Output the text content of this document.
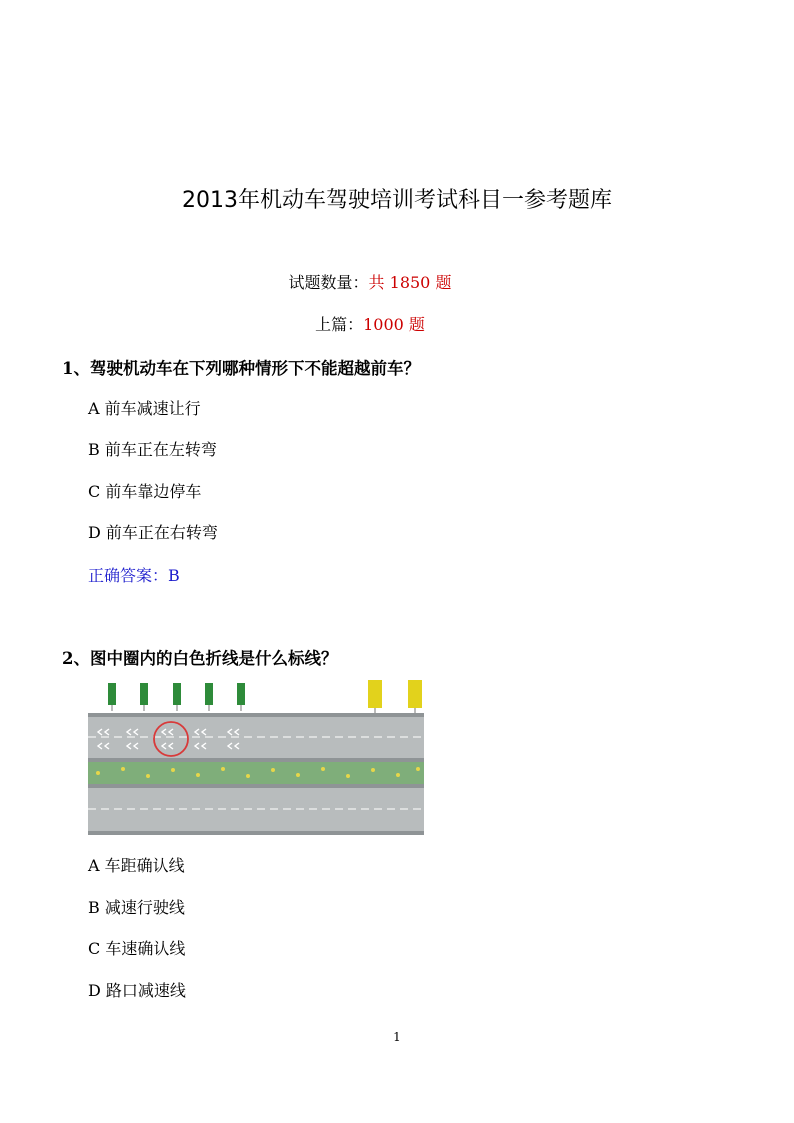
2013年机动车驾驶培训考试科目一参考题库
试题数量：共 1850 题
上篇：1000 题
1、驾驶机动车在下列哪种情形下不能超越前车？
A 前车减速让行
B 前车正在左转弯
C 前车靠边停车
D 前车正在右转弯
正确答案：B
2、图中圈内的白色折线是什么标线？
A 车距确认线
B 减速行驶线
C 车速确认线
D 路口减速线
1
